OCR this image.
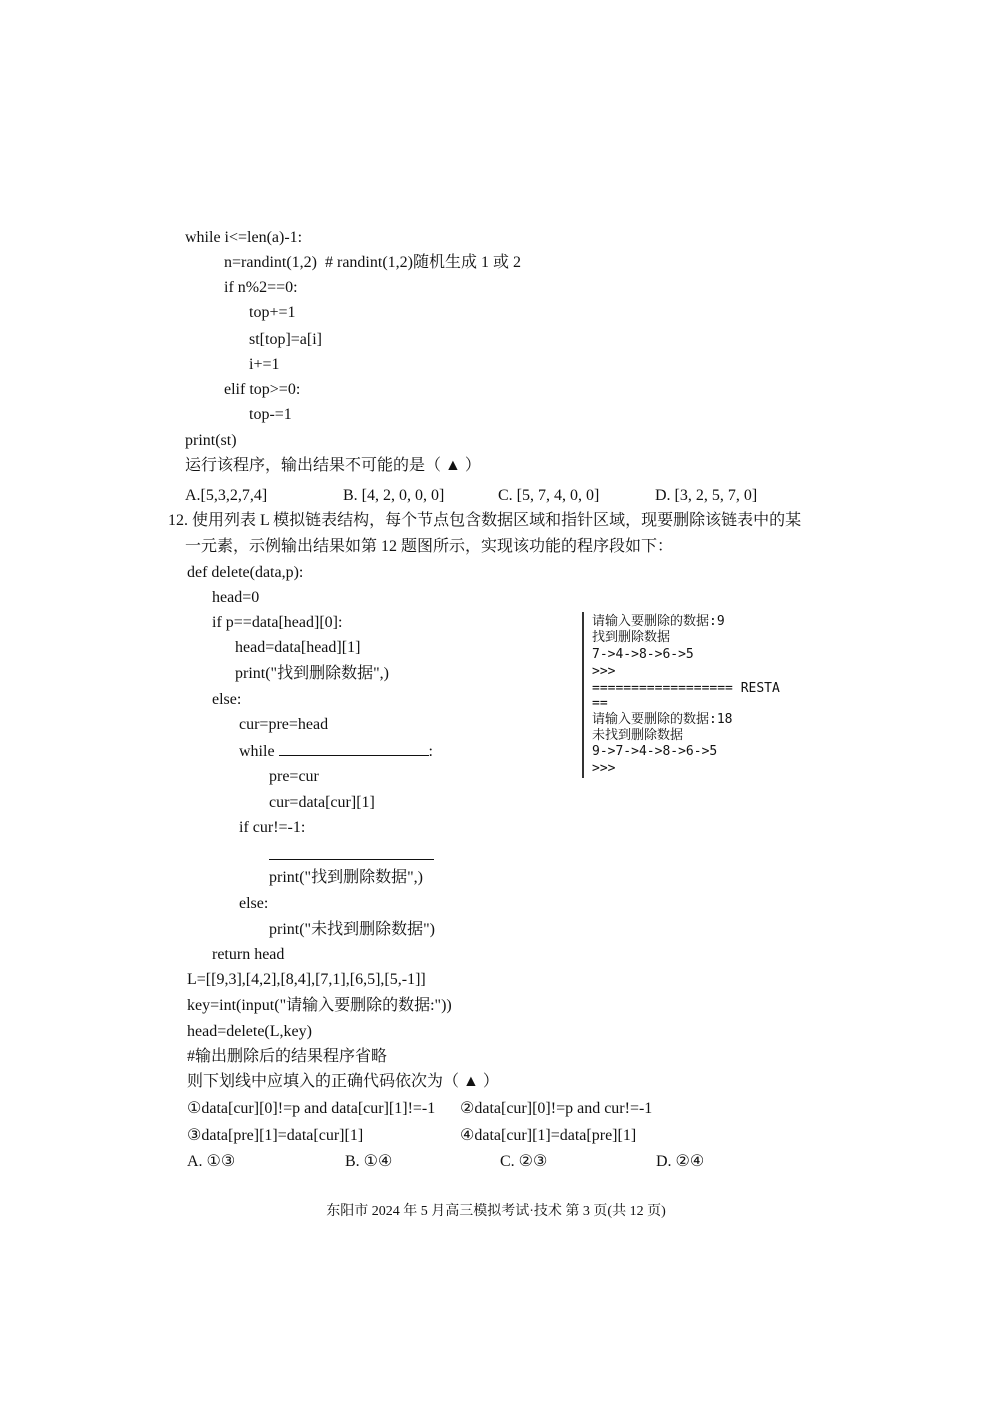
while i<=len(a)-1:
n=randint(1,2)  # randint(1,2)随机生成 1 或 2
if n%2==0:
top+=1
st[top]=a[i]
i+=1
elif top>=0:
top-=1
print(st)
运行该程序，输出结果不可能的是（ ▲ ）
A.[5,3,2,7,4]	B. [4, 2, 0, 0, 0]	C. [5, 7, 4, 0, 0]	D. [3, 2, 5, 7, 0]
12. 使用列表 L 模拟链表结构，每个节点包含数据区域和指针区域，现要删除该链表中的某
一元素，示例输出结果如第 12 题图所示，实现该功能的程序段如下：
def delete(data,p):
head=0
if p==data[head][0]:
head=data[head][1]
print("找到删除数据",)
else:
cur=pre=head
while	:
pre=cur
cur=data[cur][1]
if cur!=-1:
print("找到删除数据",)
else:
print("未找到删除数据")
return head
L=[[9,3],[4,2],[8,4],[7,1],[6,5],[5,-1]]
key=int(input("请输入要删除的数据:"))
head=delete(L,key)
#输出删除后的结果程序省略
则下划线中应填入的正确代码依次为（ ▲ ）
①data[cur][0]!=p and data[cur][1]!=-1 ②data[cur][0]!=p and cur!=-1
③data[pre][1]=data[cur][1]	④data[cur][1]=data[pre][1]
A. ①③	B. ①④	C. ②③	D. ②④
请输入要删除的数据:9
找到删除数据
7->4->8->6->5
>>>
================== RESTA
==
请输入要删除的数据:18
未找到删除数据
9->7->4->8->6->5
>>>
东阳市 2024 年 5 月高三模拟考试·技术 第 3 页(共 12 页)
